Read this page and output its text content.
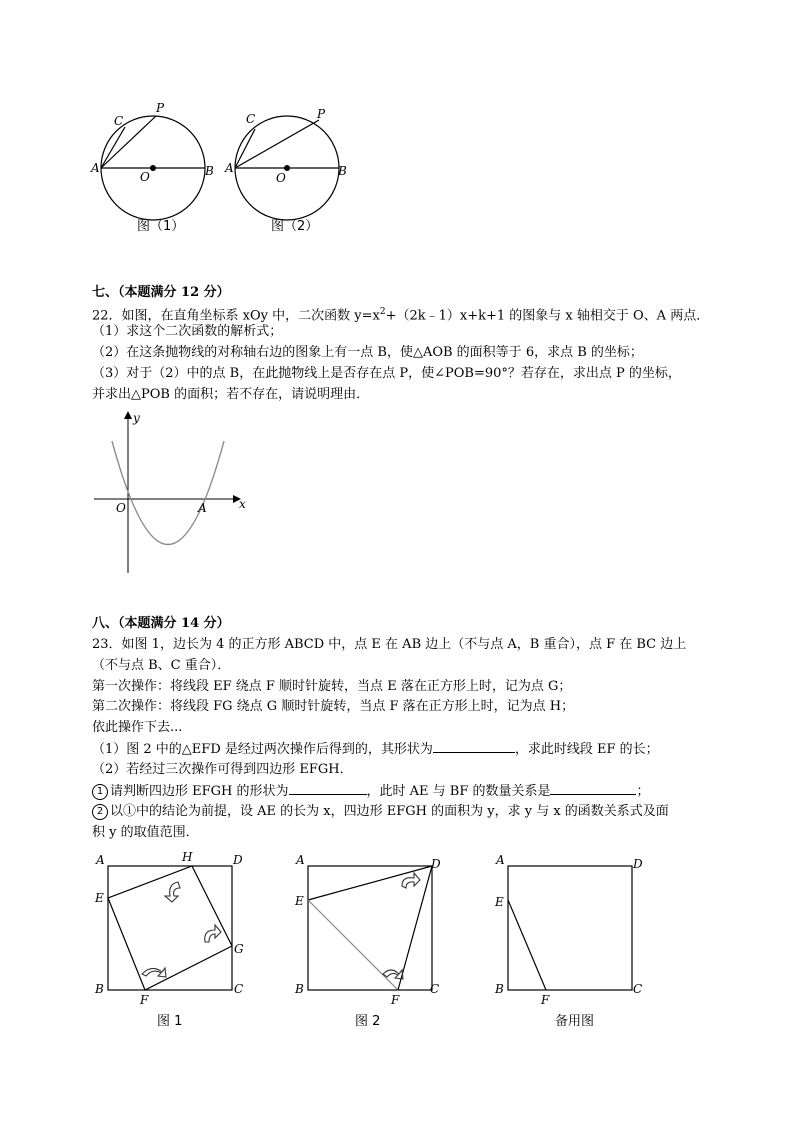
A	B
O
C
P
图（1）
A	B
O
C	P
图（2）
七、（本题满分 12 分）
22．如图，在直角坐标系 xOy 中，二次函数 $y=x^2+(2k﹣1)x+k+1$ 的图象与 x 轴相交于 O、A 两点．
（1）求这个二次函数的解析式；
（2）在这条抛物线的对称轴右边的图象上有一点 B，使△AOB 的面积等于 6，求点 B 的坐标；
（3）对于（2）中的点 B，在此抛物线上是否存在点 P，使∠POB=90°？若存在，求出点 P 的坐标，
并求出△POB 的面积；若不存在，请说明理由．
y
x
O	A
八、（本题满分 14 分）
23．如图 1，边长为 4 的正方形 ABCD 中，点 E 在 AB 边上（不与点 A，B 重合），点 F 在 BC 边上
（不与点 B、C 重合）．
第一次操作：将线段 EF 绕点 F 顺时针旋转，当点 E 落在正方形上时，记为点 G；
第二次操作：将线段 FG 绕点 G 顺时针旋转，当点 F 落在正方形上时，记为点 H；
依此操作下去...
（1）图 2 中的△EFD 是经过两次操作后得到的，其形状为	，求此时线段 EF 的长；
（2）若经过三次操作可得到四边形 EFGH．
1 请判断四边形 EFGH 的形状为	，此时 AE 与 BF 的数量关系是	；
2 以①中的结论为前提，设 AE 的长为 x，四边形 EFGH 的面积为 y，求 y 与 x 的函数关系式及面
积 y 的取值范围．
A	D
B	C
E
F
G
H
图 1
A	D
B	C
E
F
图 2
A	D
B	C
E
F
备用图
